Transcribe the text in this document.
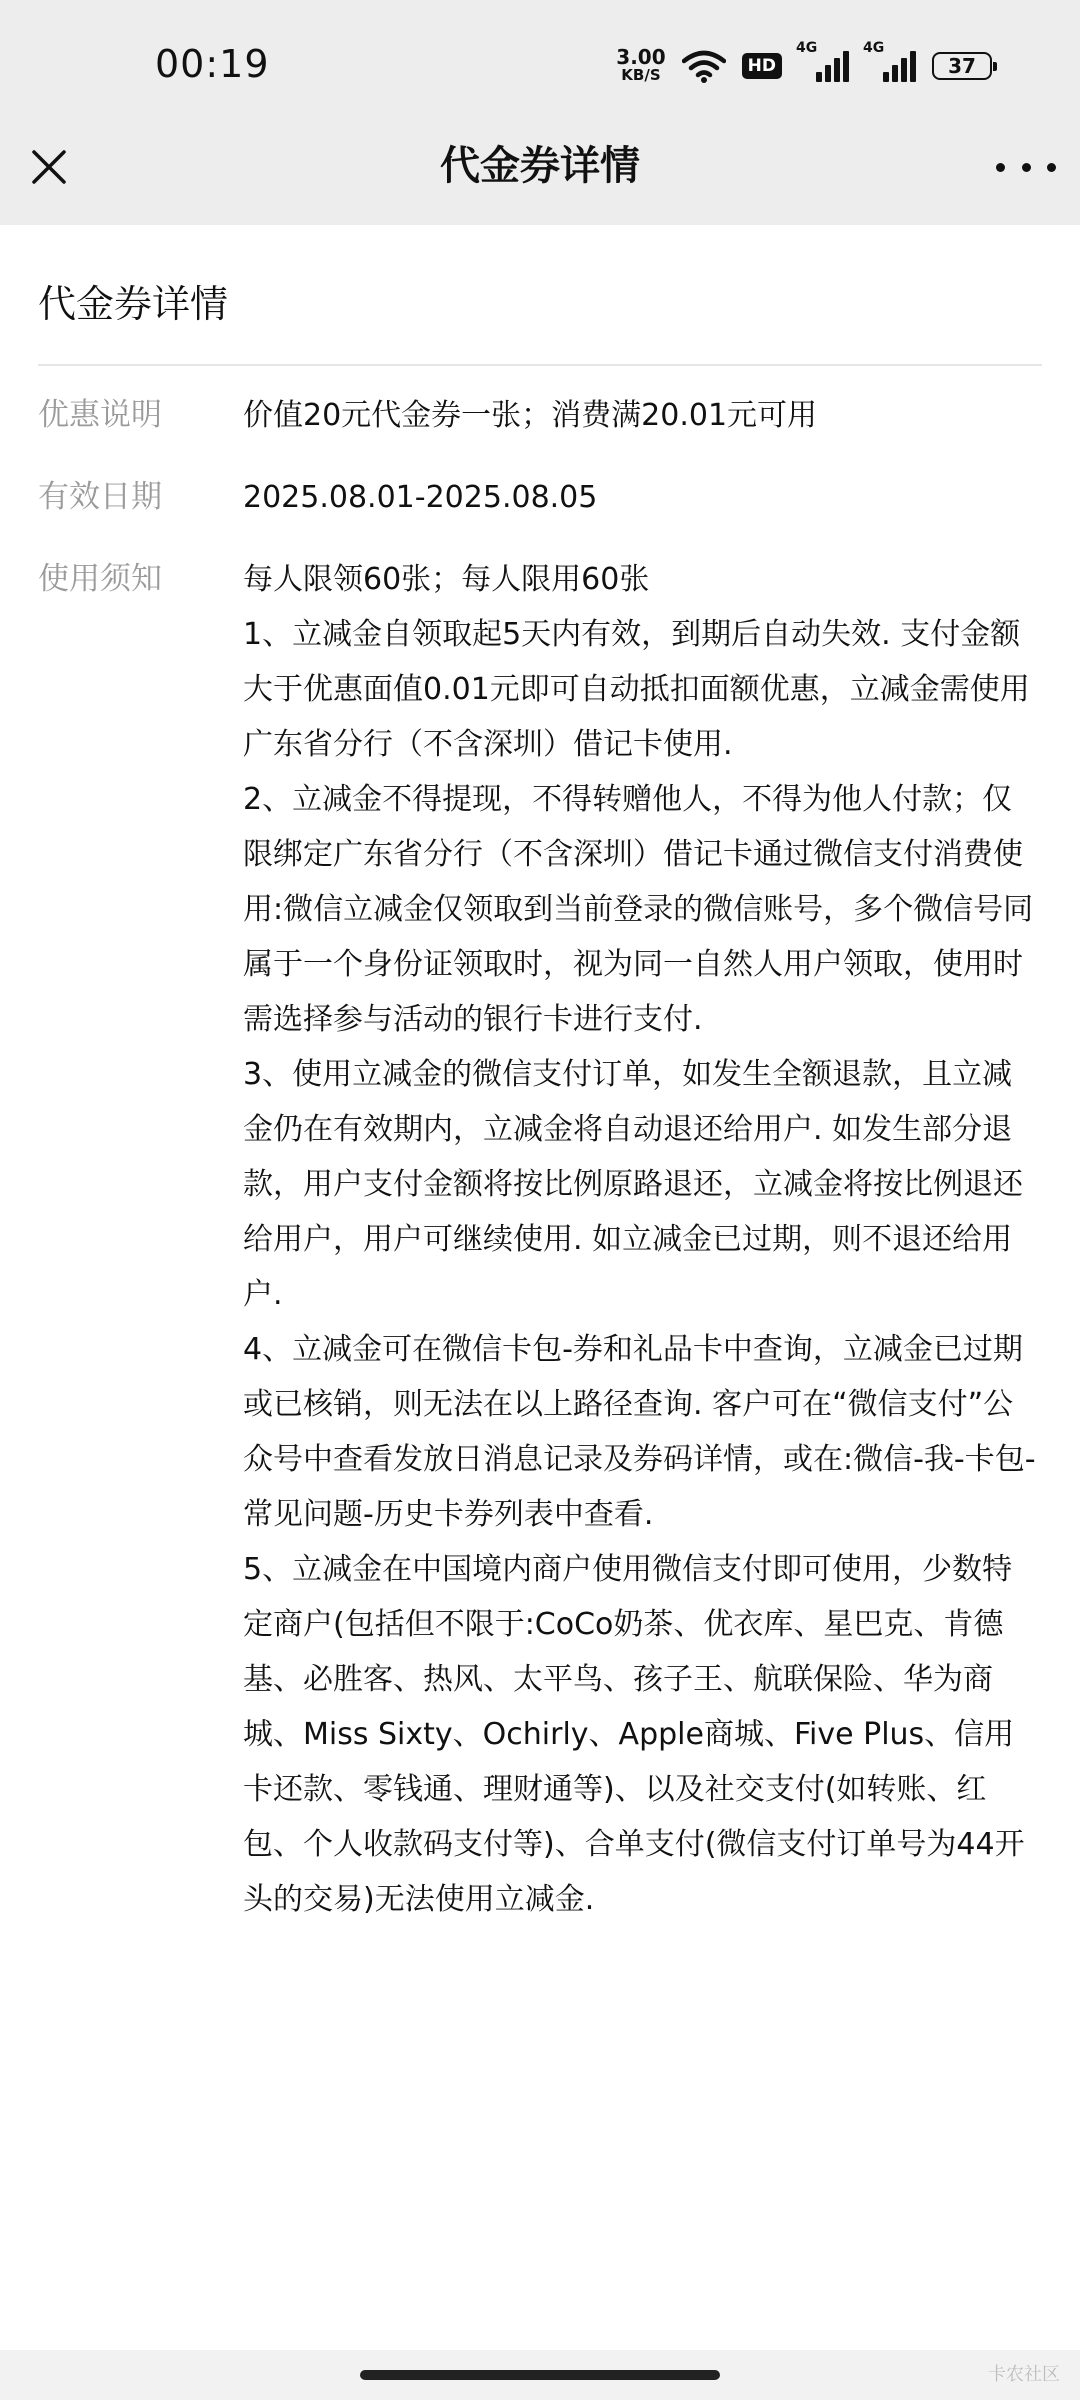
00:19	3.00
KB/S	HD
4G	4G
37
代金券详情
代金券详情
优惠说明	价值20元代金券一张；消费满20.01元可用
有效日期	2025.08.01-2025.08.05
使用须知	每人限领60张；每人限用60张

1、立减金自领取起5天内有效，到期后自动失效. 支付金额大于优惠面值0.01元即可自动抵扣面额优惠，立减金需使用广东省分行（不含深圳）借记卡使用.

2、立减金不得提现，不得转赠他人，不得为他人付款；仅限绑定广东省分行（不含深圳）借记卡通过微信支付消费使用:微信立减金仅领取到当前登录的微信账号，多个微信号同属于一个身份证领取时，视为同一自然人用户领取，使用时需选择参与活动的银行卡进行支付.

3、使用立减金的微信支付订单，如发生全额退款，且立减金仍在有效期内，立减金将自动退还给用户. 如发生部分退款，用户支付金额将按比例原路退还，立减金将按比例退还给用户，用户可继续使用. 如立减金已过期，则不退还给用户.

4、立减金可在微信卡包-券和礼品卡中查询，立减金已过期或已核销，则无法在以上路径查询. 客户可在“微信支付”公众号中查看发放日消息记录及券码详情，或在:微信-我-卡包-常见问题-历史卡券列表中查看.

5、立减金在中国境内商户使用微信支付即可使用，少数特定商户(包括但不限于:CoCo奶茶、优衣库、星巴克、肯德基、必胜客、热风、太平鸟、孩子王、航联保险、华为商城、Miss Sixty、Ochirly、Apple商城、Five Plus、信用卡还款、零钱通、理财通等)、以及社交支付(如转账、红包、个人收款码支付等)、合单支付(微信支付订单号为44开头的交易)无法使用立减金.

卡农社区
